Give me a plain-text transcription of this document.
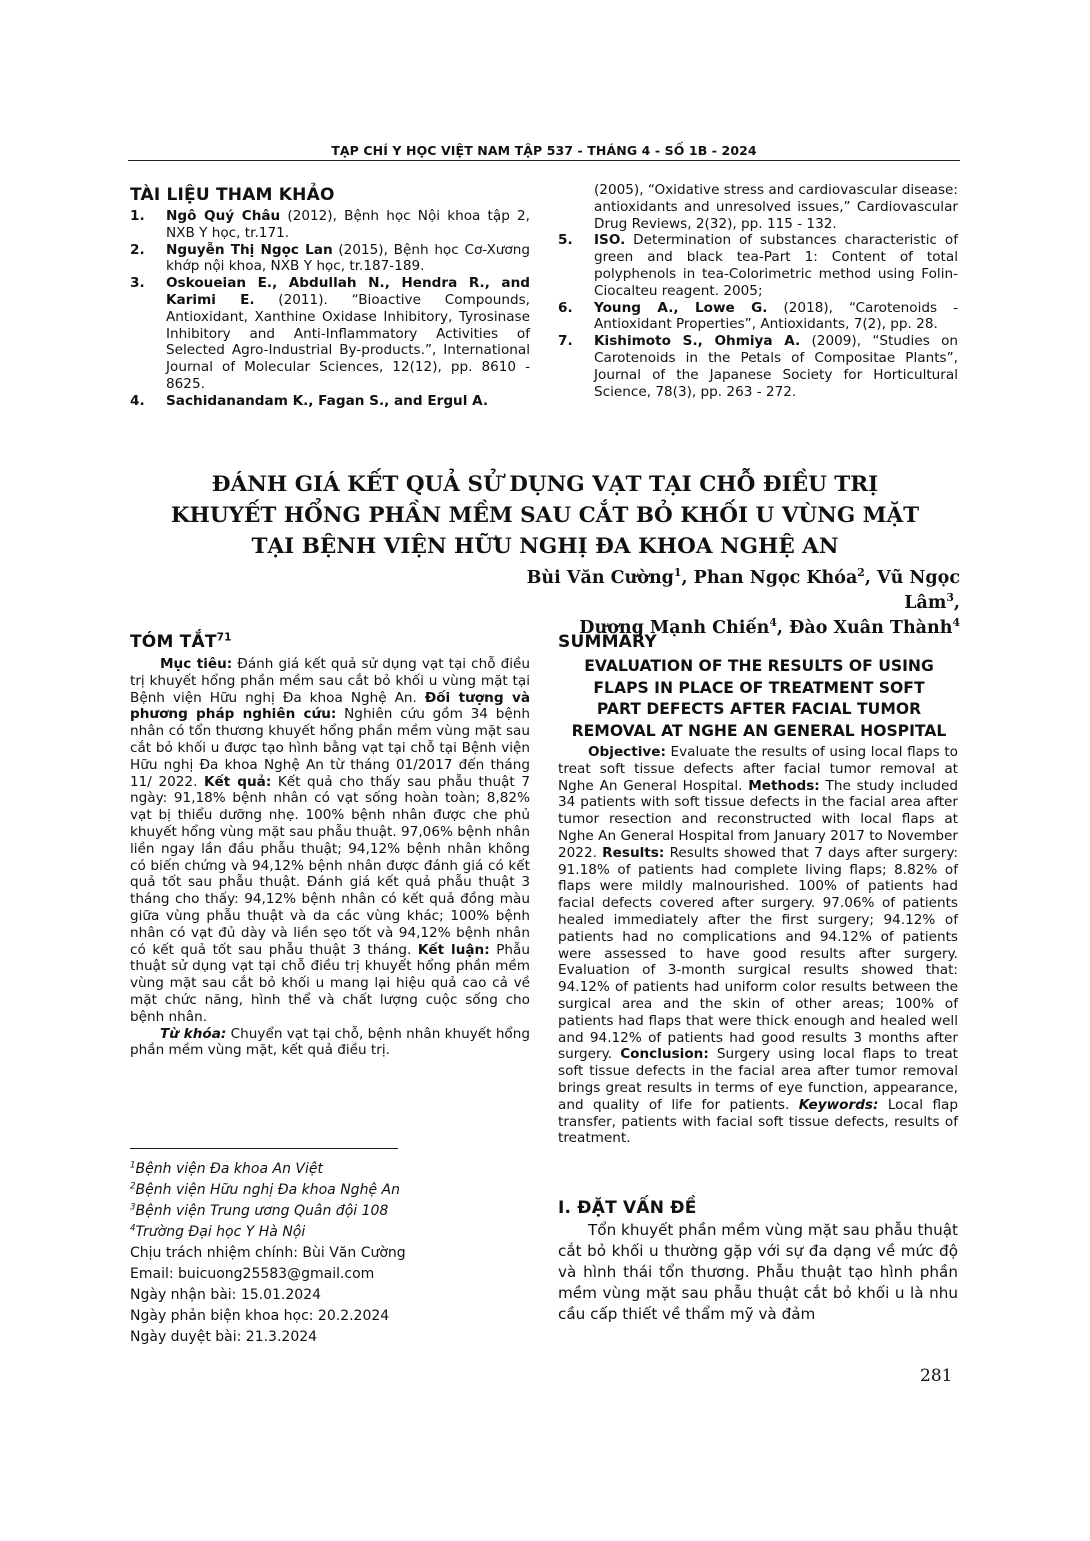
TẠP CHÍ Y HỌC VIỆT NAM TẬP 537 - THÁNG 4 - SỐ 1B - 2024
TÀI LIỆU THAM KHẢO
1.	Ngô Quý Châu (2012), Bệnh học Nội khoa tập 2, NXB Y học, tr.171.
2.	Nguyễn Thị Ngọc Lan (2015), Bệnh học Cơ-Xương khớp nội khoa, NXB Y học, tr.187-189.
3.	Oskoueian E., Abdullah N., Hendra R., and Karimi E. (2011). “Bioactive Compounds, Antioxidant, Xanthine Oxidase Inhibitory, Tyrosinase Inhibitory and Anti-Inflammatory Activities of Selected Agro-Industrial By-products.”, International Journal of Molecular Sciences, 12(12), pp. 8610 - 8625.
4.	Sachidanandam K., Fagan S., and Ergul A.
(2005), “Oxidative stress and cardiovascular disease: antioxidants and unresolved issues,” Cardiovascular Drug Reviews, 2(32), pp. 115 - 132.
5.	ISO. Determination of substances characteristic of green and black tea-Part 1: Content of total polyphenols in tea-Colorimetric method using Folin-Ciocalteu reagent. 2005;
6.	Young A., Lowe G. (2018), “Carotenoids - Antioxidant Properties”, Antioxidants, 7(2), pp. 28.
7.	Kishimoto S., Ohmiya A. (2009), “Studies on Carotenoids in the Petals of Compositae Plants”, Journal of the Japanese Society for Horticultural Science, 78(3), pp. 263 - 272.
ĐÁNH GIÁ KẾT QUẢ SỬ DỤNG VẠT TẠI CHỖ ĐIỀU TRỊ
KHUYẾT HỔNG PHẦN MỀM SAU CẮT BỎ KHỐI U VÙNG MẶT
TẠI BỆNH VIỆN HỮU NGHỊ ĐA KHOA NGHỆ AN
Bùi Văn Cường$^1$, Phan Ngọc Khóa$^2$, Vũ Ngọc Lâm$^3$,
Dương Mạnh Chiến$^4$, Đào Xuân Thành$^4$
TÓM TẮT$^{71}$

Mục tiêu: Đánh giá kết quả sử dụng vạt tại chỗ điều trị khuyết hổng phần mềm sau cắt bỏ khối u vùng mặt tại Bệnh viện Hữu nghị Đa khoa Nghệ An. Đối tượng và phương pháp nghiên cứu: Nghiên cứu gồm 34 bệnh nhân có tổn thương khuyết hổng phần mềm vùng mặt sau cắt bỏ khối u được tạo hình bằng vạt tại chỗ tại Bệnh viện Hữu nghị Đa khoa Nghệ An từ tháng 01/2017 đến tháng 11/ 2022. Kết quả: Kết quả cho thấy sau phẫu thuật 7 ngày: 91,18% bệnh nhân có vạt sống hoàn toàn; 8,82% vạt bị thiểu dưỡng nhẹ. 100% bệnh nhân được che phủ khuyết hổng vùng mặt sau phẫu thuật. 97,06% bệnh nhân liền ngay lần đầu phẫu thuật; 94,12% bệnh nhân không có biến chứng và 94,12% bệnh nhân được đánh giá có kết quả tốt sau phẫu thuật. Đánh giá kết quả phẫu thuật 3 tháng cho thấy: 94,12% bệnh nhân có kết quả đồng màu giữa vùng phẫu thuật và da các vùng khác; 100% bệnh nhân có vạt đủ dày và liền sẹo tốt và 94,12% bệnh nhân có kết quả tốt sau phẫu thuật 3 tháng. Kết luận: Phẫu thuật sử dụng vạt tại chỗ điều trị khuyết hổng phần mềm vùng mặt sau cắt bỏ khối u mang lại hiệu quả cao cả về mặt chức năng, hình thể và chất lượng cuộc sống cho bệnh nhân.

Từ khóa: Chuyển vạt tại chỗ, bệnh nhân khuyết hổng phần mềm vùng mặt, kết quả điều trị.

$^1$Bệnh viện Đa khoa An Việt
$^2$Bệnh viện Hữu nghị Đa khoa Nghệ An
$^3$Bệnh viện Trung ương Quân đội 108
$^4$Trường Đại học Y Hà Nội
Chịu trách nhiệm chính: Bùi Văn Cường
Email: buicuong25583@gmail.com
Ngày nhận bài: 15.01.2024
Ngày phản biện khoa học: 20.2.2024
Ngày duyệt bài: 21.3.2024
SUMMARY
EVALUATION OF THE RESULTS OF USING
FLAPS IN PLACE OF TREATMENT SOFT
PART DEFECTS AFTER FACIAL TUMOR
REMOVAL AT NGHE AN GENERAL HOSPITAL

Objective: Evaluate the results of using local flaps to treat soft tissue defects after facial tumor removal at Nghe An General Hospital. Methods: The study included 34 patients with soft tissue defects in the facial area after tumor resection and reconstructed with local flaps at Nghe An General Hospital from January 2017 to November 2022. Results: Results showed that 7 days after surgery: 91.18% of patients had complete living flaps; 8.82% of flaps were mildly malnourished. 100% of patients had facial defects covered after surgery. 97.06% of patients healed immediately after the first surgery; 94.12% of patients had no complications and 94.12% of patients were assessed to have good results after surgery. Evaluation of 3-month surgical results showed that: 94.12% of patients had uniform color results between the surgical area and the skin of other areas; 100% of patients had flaps that were thick enough and healed well and 94.12% of patients had good results 3 months after surgery. Conclusion: Surgery using local flaps to treat soft tissue defects in the facial area after tumor removal brings great results in terms of eye function, appearance, and quality of life for patients. Keywords: Local flap transfer, patients with facial soft tissue defects, results of treatment.

I. ĐẶT VẤN ĐỀ

Tổn khuyết phần mềm vùng mặt sau phẫu thuật cắt bỏ khối u thường gặp với sự đa dạng về mức độ và hình thái tổn thương. Phẫu thuật tạo hình phần mềm vùng mặt sau phẫu thuật cắt bỏ khối u là nhu cầu cấp thiết về thẩm mỹ và đảm

281
